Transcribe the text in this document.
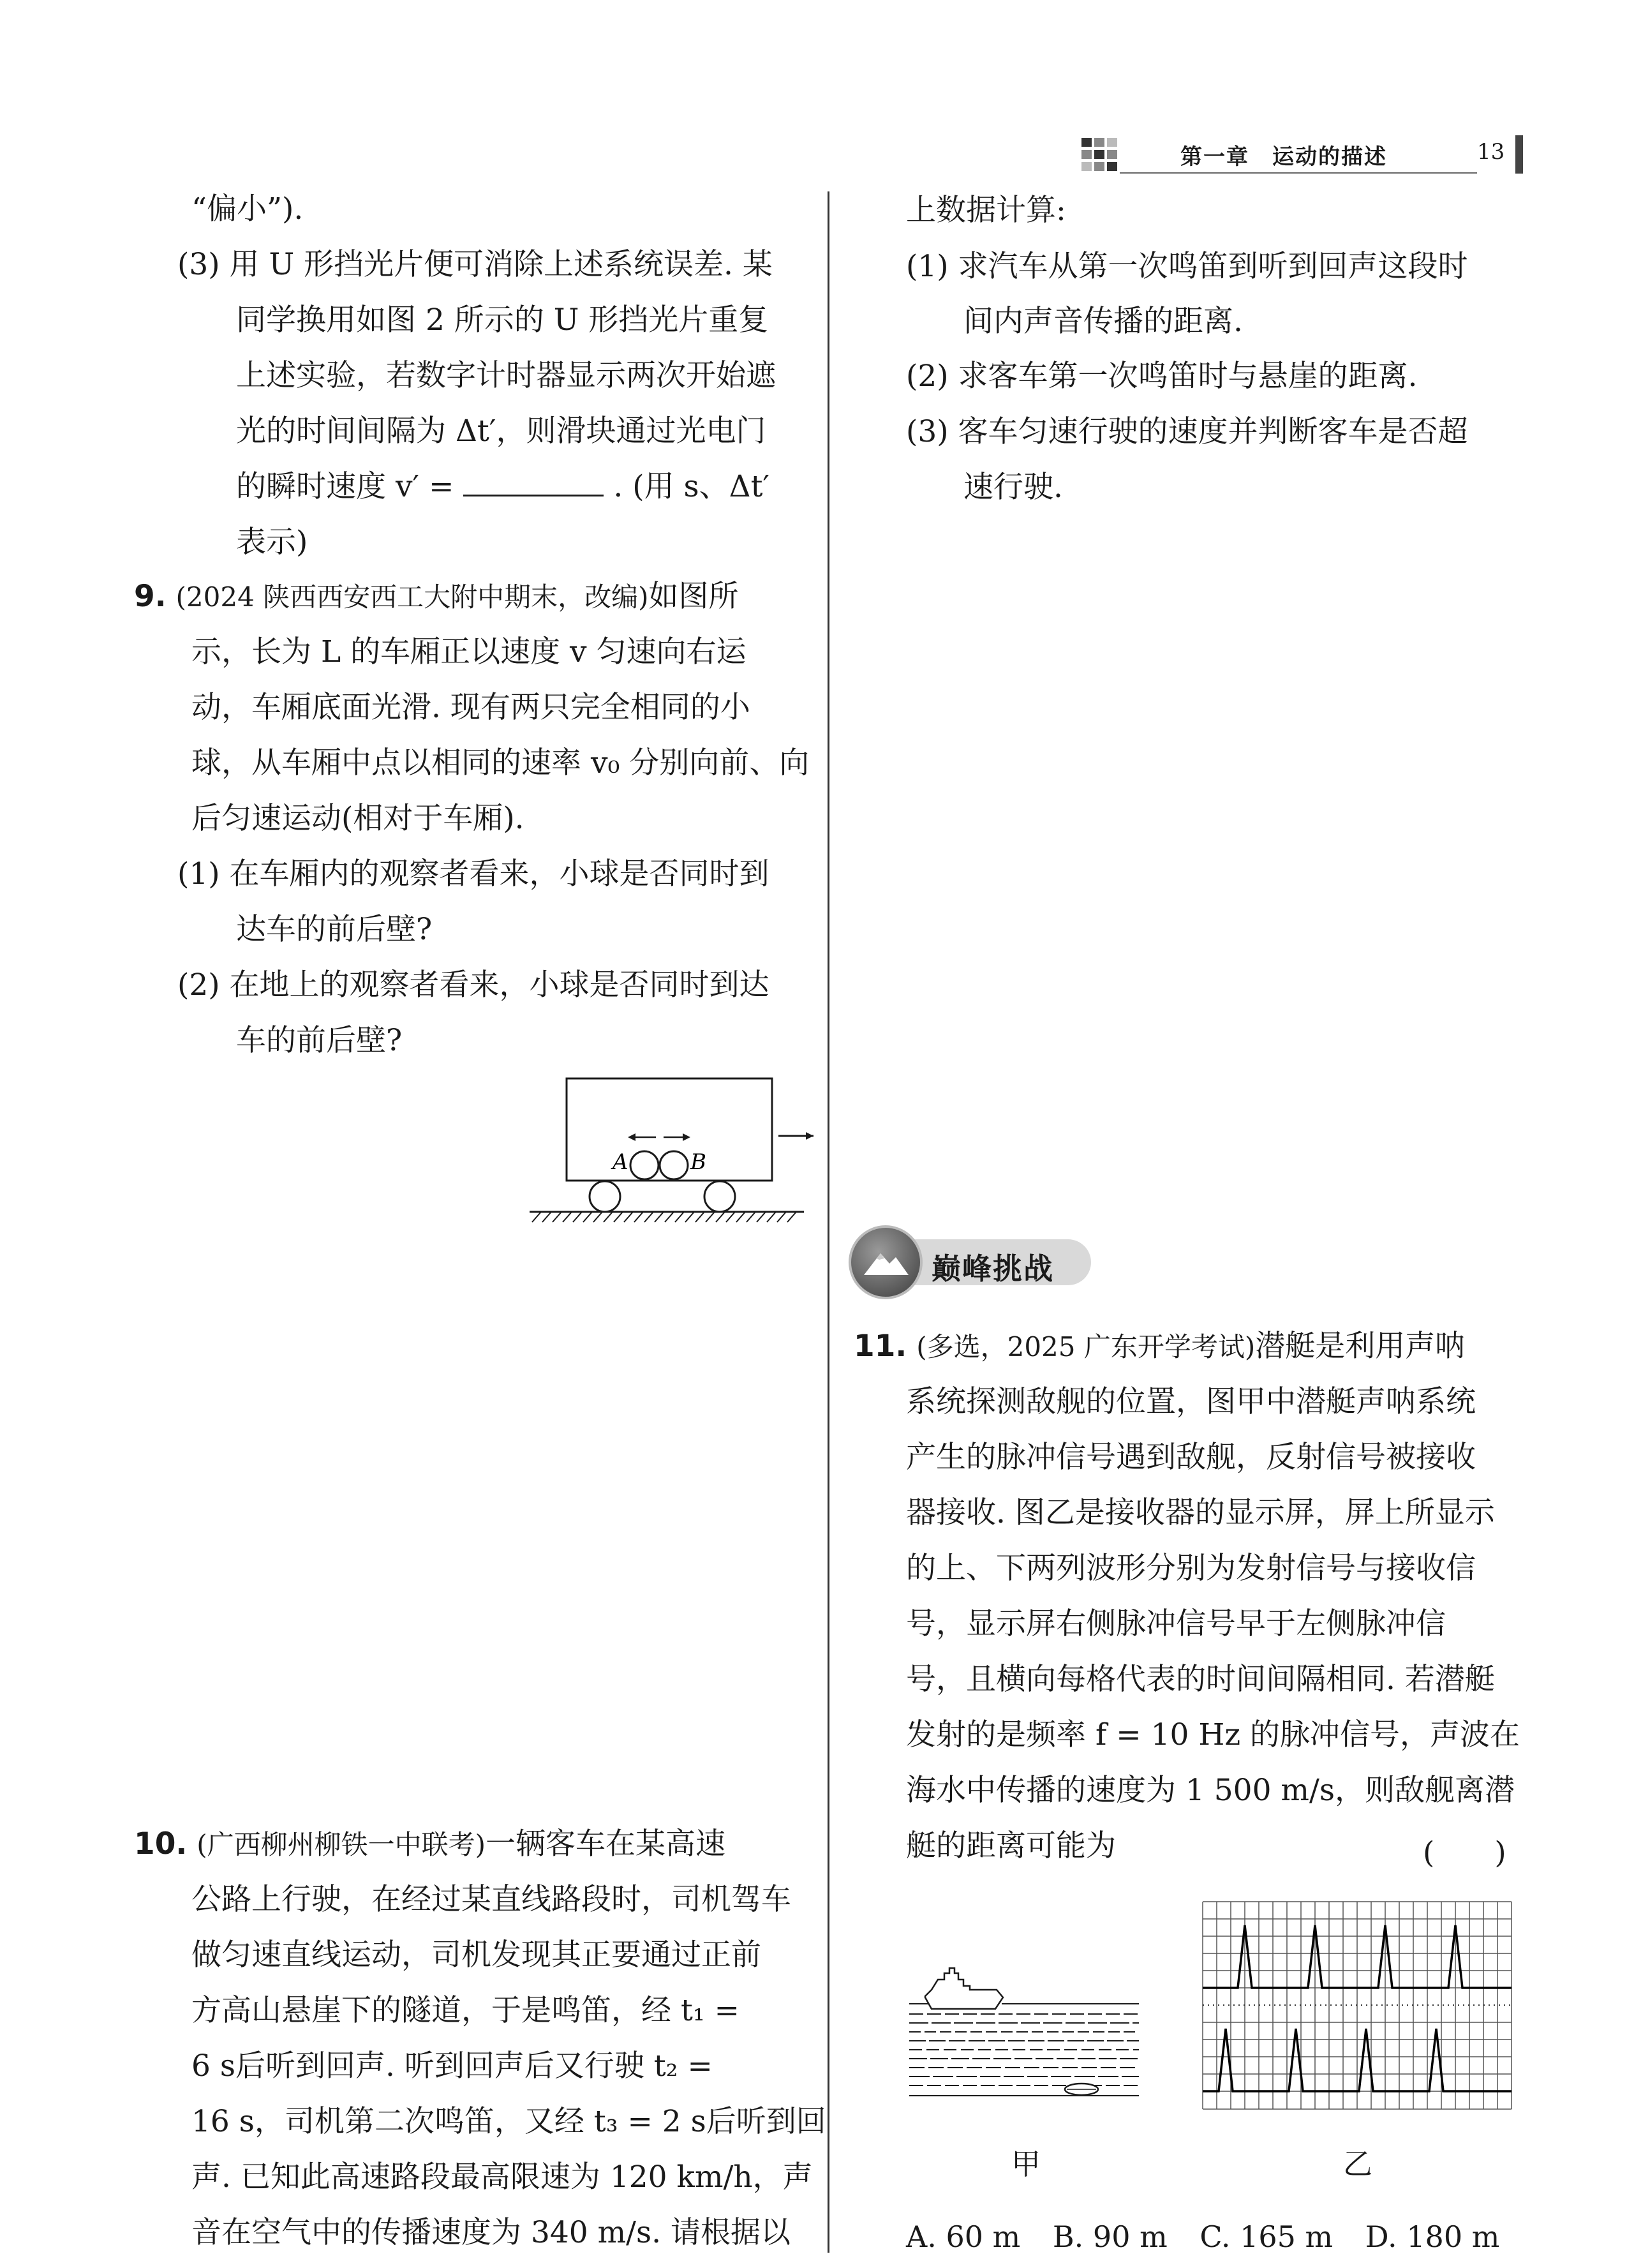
第一章　运动的描述	13
“偏小”).
(3) 用 U 形挡光片便可消除上述系统误差. 某
同学换用如图 2 所示的 U 形挡光片重复
上述实验，若数字计时器显示两次开始遮
光的时间间隔为 Δt′，则滑块通过光电门
的瞬时速度 v′ =	. (用 s、Δt′
表示)
9. (2024 陕西西安西工大附中期末，改编)如图所
示，长为 L 的车厢正以速度 v 匀速向右运
动，车厢底面光滑. 现有两只完全相同的小
球，从车厢中点以相同的速率 v₀ 分别向前、向
后匀速运动(相对于车厢).
(1) 在车厢内的观察者看来，小球是否同时到
达车的前后壁?
(2) 在地上的观察者看来，小球是否同时到达
车的前后壁?
A	B
10. (广西柳州柳铁一中联考)一辆客车在某高速
公路上行驶，在经过某直线路段时，司机驾车
做匀速直线运动，司机发现其正要通过正前
方高山悬崖下的隧道，于是鸣笛，经 t₁ =
6 s后听到回声. 听到回声后又行驶 t₂ =
16 s，司机第二次鸣笛，又经 t₃ = 2 s后听到回
声. 已知此高速路段最高限速为 120 km/h，声
音在空气中的传播速度为 340 m/s. 请根据以
上数据计算:
(1) 求汽车从第一次鸣笛到听到回声这段时
间内声音传播的距离.
(2) 求客车第一次鸣笛时与悬崖的距离.
(3) 客车匀速行驶的速度并判断客车是否超
速行驶.
巅峰挑战
11. (多选，2025 广东开学考试)潜艇是利用声呐
系统探测敌舰的位置，图甲中潜艇声呐系统
产生的脉冲信号遇到敌舰，反射信号被接收
器接收. 图乙是接收器的显示屏，屏上所显示
的上、下两列波形分别为发射信号与接收信
号，显示屏右侧脉冲信号早于左侧脉冲信
号，且横向每格代表的时间间隔相同. 若潜艇
发射的是频率 f = 10 Hz 的脉冲信号，声波在
海水中传播的速度为 1 500 m/s，则敌舰离潜
艇的距离可能为	(　　)
甲	乙
A. 60 m B. 90 m C. 165 m D. 180 m
